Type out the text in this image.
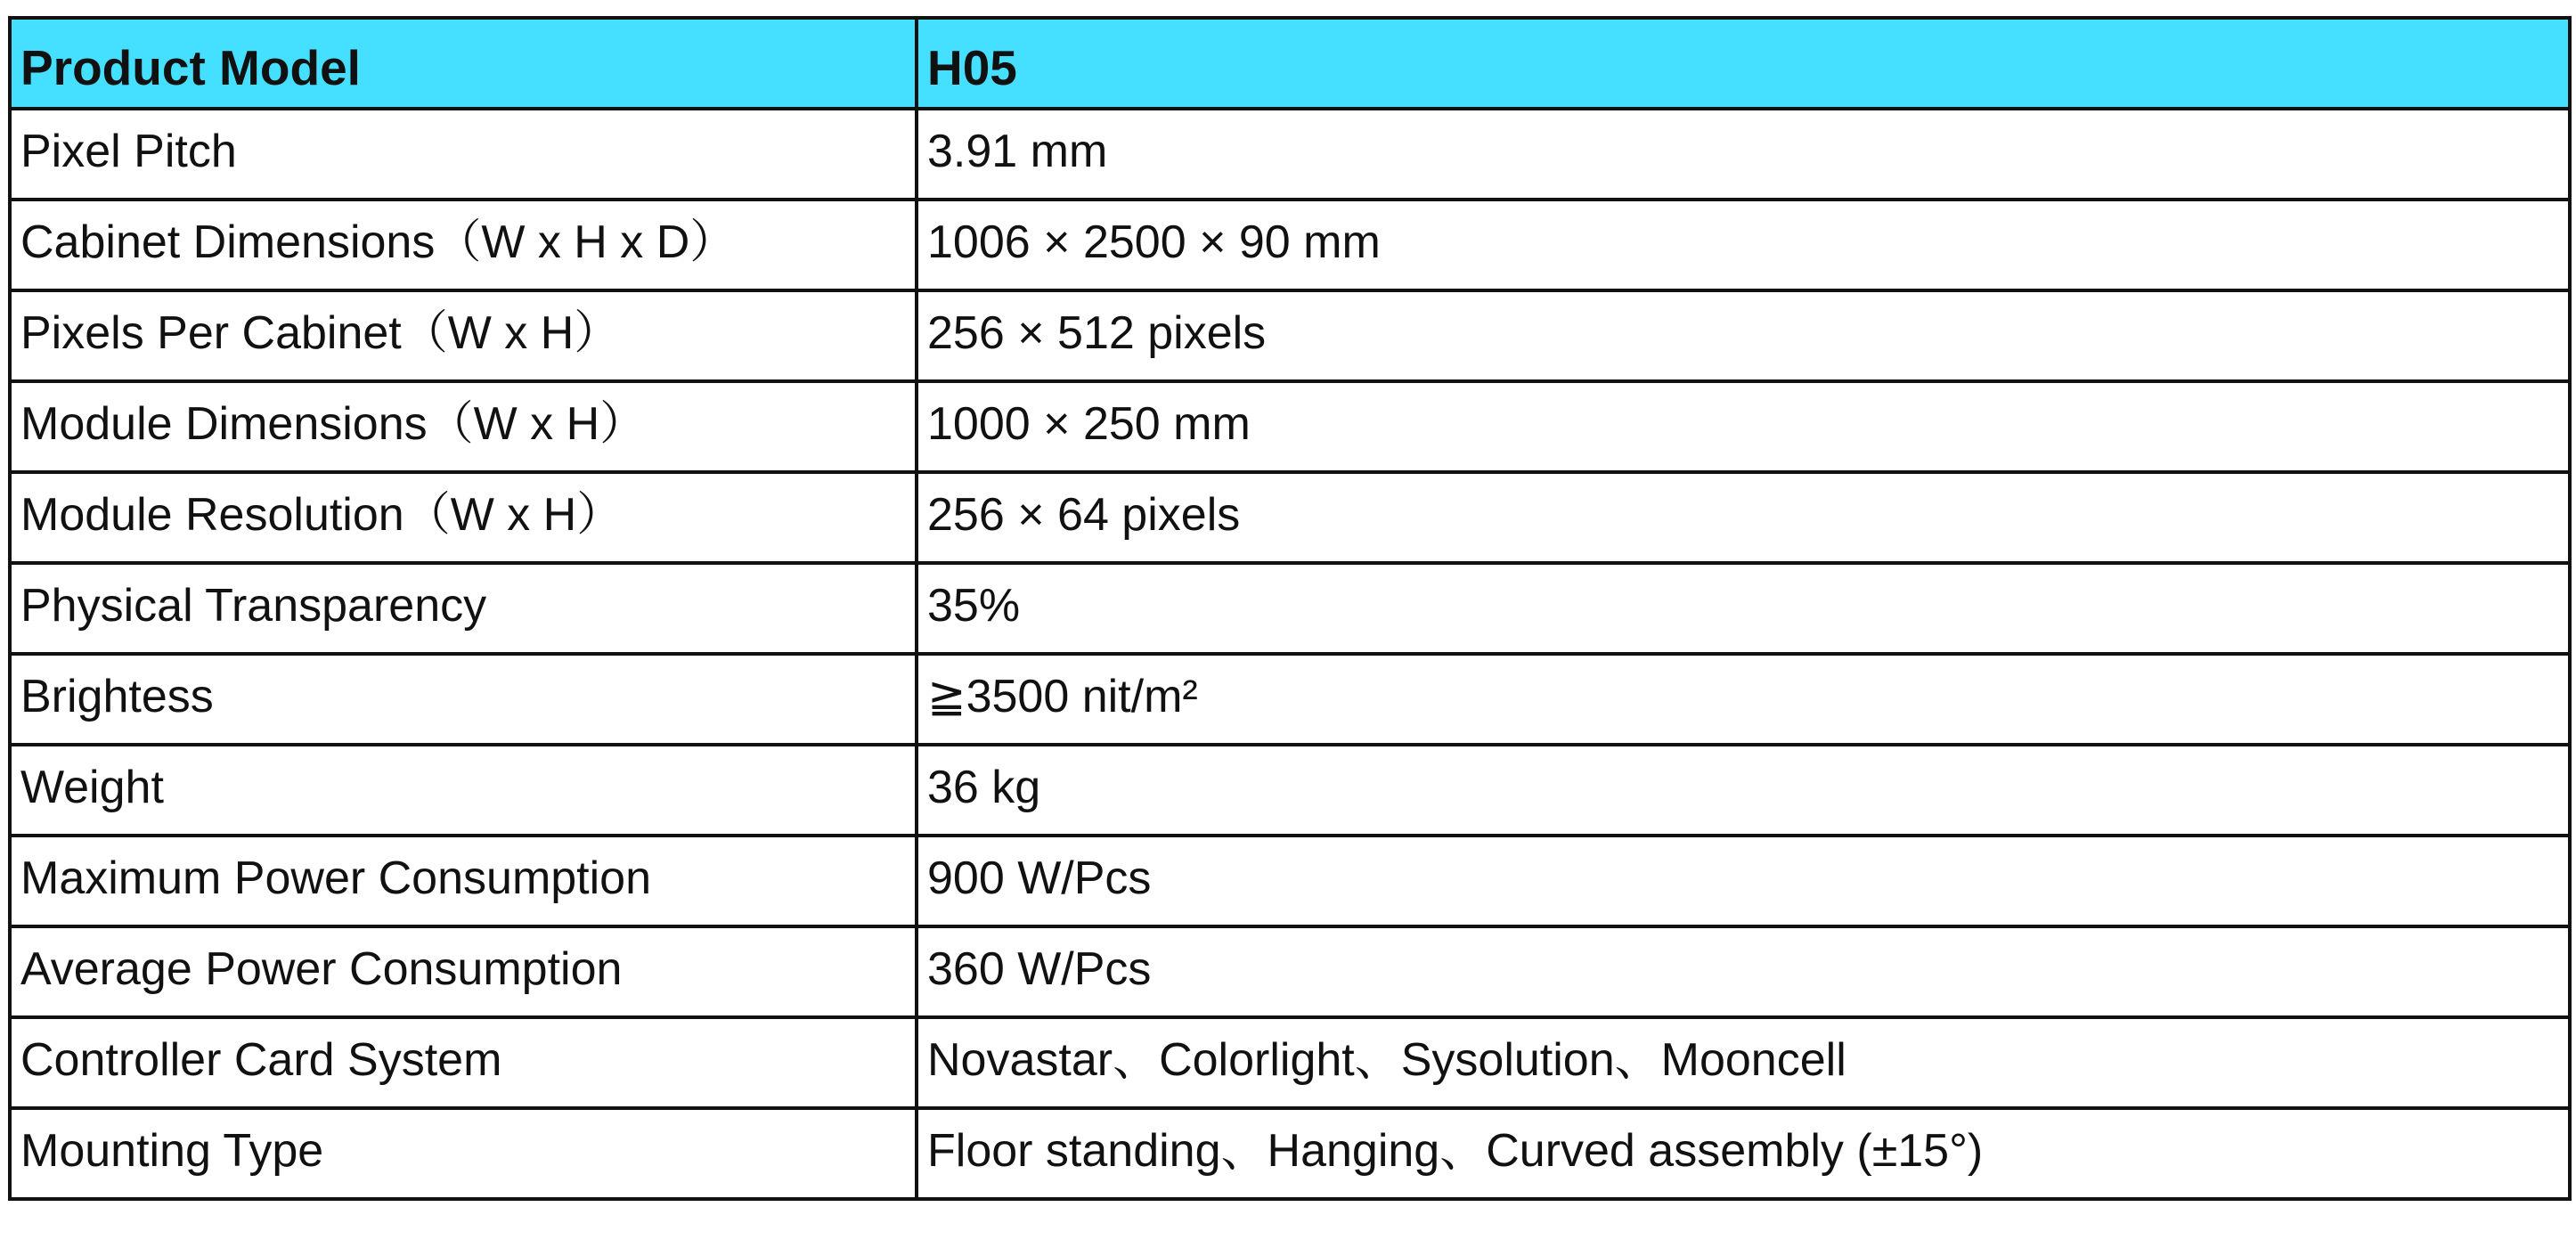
Product Model	H05
Pixel Pitch	3.91 mm
Cabinet Dimensions（W x H x D）	1006 × 2500 × 90 mm
Pixels Per Cabinet（W x H）	256 × 512 pixels
Module Dimensions（W x H）	1000 × 250 mm
Module Resolution（W x H）	256 × 64 pixels
Physical Transparency	35%
Brightess	≧3500 nit/m²
Weight	36 kg
Maximum Power Consumption	900 W/Pcs
Average Power Consumption	360 W/Pcs
Controller Card System	Novastar、Colorlight、Sysolution、Mooncell
Mounting Type	Floor standing、Hanging、Curved assembly (±15°)
